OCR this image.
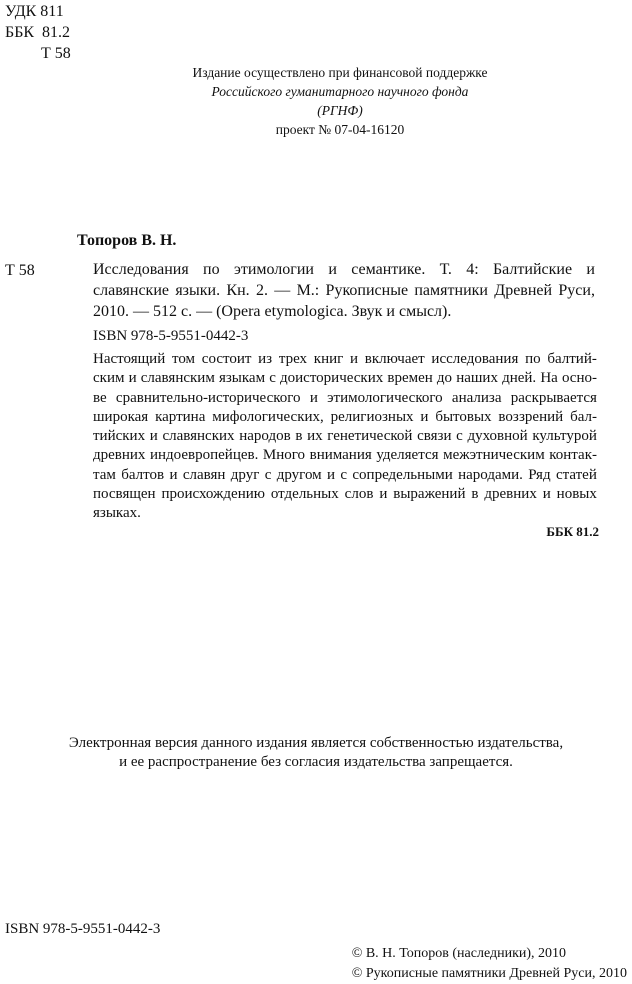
УДК 811
ББК  81.2
Т 58
Издание осуществлено при финансовой поддержке
Российского гуманитарного научного фонда
(РГНФ)
проект № 07-04-16120
Топоров В. Н.
Т 58	Исследования по этимологии и семантике. Т. 4: Балтийские и
славянские языки. Кн. 2. — М.: Рукописные памятники Древней Руси,
2010. — 512 с. — (Opera etymologica. Звук и смысл).
ISBN 978-5-9551-0442-3
Настоящий том состоит из трех книг и включает исследования по балтий-
ским и славянским языкам с доисторических времен до наших дней. На осно-
ве сравнительно-исторического и этимологического анализа раскрывается
широкая картина мифологических, религиозных и бытовых воззрений бал-
тийских и славянских народов в их генетической связи с духовной культурой
древних индоевропейцев. Много внимания уделяется межэтническим контак-
там балтов и славян друг с другом и с сопредельными народами. Ряд статей
посвящен происхождению отдельных слов и выражений в древних и новых
языках.
ББК 81.2
Электронная версия данного издания является собственностью издательства,
и ее распространение без согласия издательства запрещается.
ISBN 978-5-9551-0442-3
© В. Н. Топоров (наследники), 2010
© Рукописные памятники Древней Руси, 2010
